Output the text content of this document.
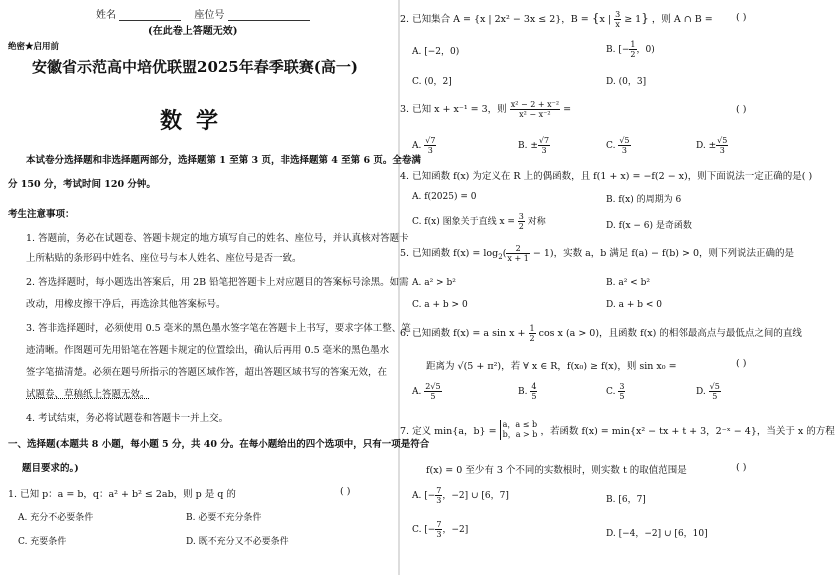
姓名	座位号
(在此卷上答题无效)
绝密★启用前
安徽省示范高中培优联盟2025年春季联赛(高一)
数学
本试卷分选择题和非选择题两部分，选择题第 1 至第 3 页，非选择题第 4 至第 6 页。全卷满
分 150 分，考试时间 120 分钟。
考生注意事项：
1. 答题前，务必在试题卷、答题卡规定的地方填写自己的姓名、座位号，并认真核对答题卡
上所粘贴的条形码中姓名、座位号与本人姓名、座位号是否一致。
2. 答选择题时，每小题选出答案后，用 2B 铅笔把答题卡上对应题目的答案标号涂黑。如需
改动，用橡皮擦干净后，再选涂其他答案标号。
3. 答非选择题时，必须使用 0.5 毫米的黑色墨水签字笔在答题卡上书写，要求字体工整、笔
迹清晰。作图题可先用铅笔在答题卡规定的位置绘出，确认后再用 0.5 毫米的黑色墨水
签字笔描清楚。必须在题号所指示的答题区域作答，超出答题区域书写的答案无效，在
试题卷、草稿纸上答题无效。
4. 考试结束，务必将试题卷和答题卡一并上交。
一、选择题(本题共 8 小题，每小题 5 分，共 40 分。在每小题给出的四个选项中，只有一项是符合
题目要求的。)
1. 已知 p：a = b，q：a² + b² ≤ 2ab，则 p 是 q 的	( )
A. 充分不必要条件	B. 必要不充分条件
C. 充要条件	D. 既不充分又不必要条件
2. 已知集合 A = {x | 2x² − 3x ≤ 2}，B = {x | $\frac{3}{x} \ge 1$} ，则 A ∩ B = ( )
A. [−2，0)	B. [− $\frac{1}{2}$ ，0)
C. (0，2]	D. (0，3]
3. 已知 x + x⁻¹ = 3，则 $\frac{\text{x² − 2 + x⁻²}}{\text{x² − x⁻²}}$ =	( )
A. $\frac{√7}{3}$	B. ± $\frac{√7}{3}$	C. $\frac{√5}{3}$	D. ± $\frac{√5}{3}$
4. 已知函数 f(x) 为定义在 R 上的偶函数，且 f(1 + x) = −f(2 − x)，则下面说法一定正确的是( )
A. f(2025) = 0	B. f(x) 的周期为 6
C. f(x) 图象关于直线 $x = \frac{3}{2}$ 对称	D. f(x − 6) 是奇函数
5. 已知函数 $f(x) = \log_2( \frac{2}{x + 1} - 1)$，实数 a，b 满足 f(a) − f(b) > 0，则下列说法正确的是
A. a² > b²	B. a² < b²
C. a + b > 0	D. a + b < 0
6. 已知函数 f(x) = a $\sin x + \frac{1}{2}$ cos x (a > 0)，且函数 f(x) 的相邻最高点与最低点之间的直线
距离为 √(5 + π²)，若 ∀ x ∈ R，f(x₀) ≥ f(x)，则 sin x₀ =	( )
A. $\frac{2√5}{5}$	B. $\frac{4}{5}$	C. $\frac{3}{5}$	D. $\frac{√5}{5}$
7. 定义 min{a，b} =
a，a ≤ b
b，a > b ，若函数 f(x) = min{x² − tx + t + 3，2⁻ˣ − 4}，当关于 x 的方程
f(x) = 0 至少有 3 个不同的实数根时，则实数 t 的取值范围是	( )
A. [− $\frac{7}{3}$ ，−2] ∪ [6，7]	B. [6，7]
C. [− $\frac{7}{3}$ ，−2]	D. [−4，−2] ∪ [6，10]
